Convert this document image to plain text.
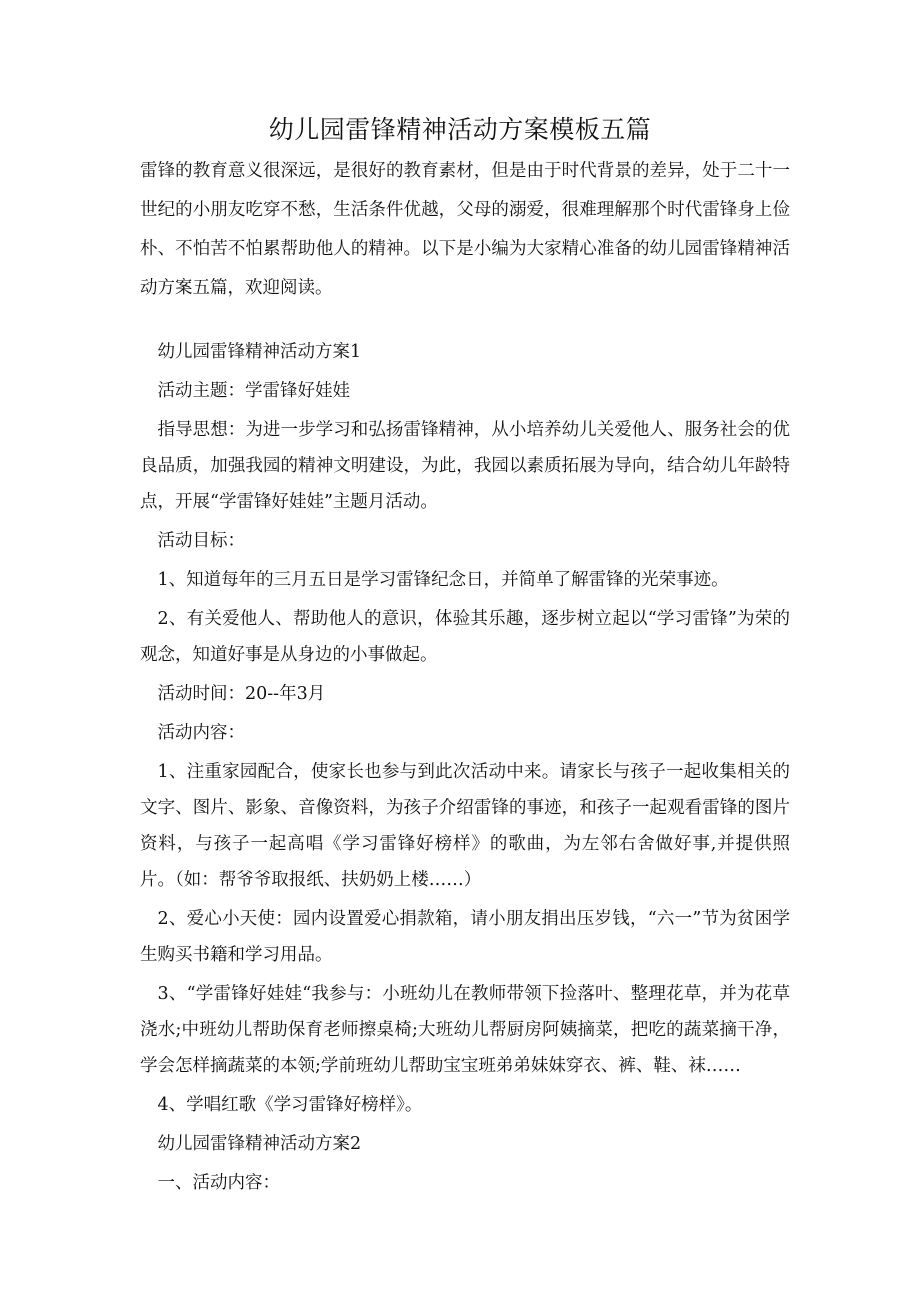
幼儿园雷锋精神活动方案模板五篇

雷锋的教育意义很深远，是很好的教育素材，但是由于时代背景的差异，处于二十一世纪的小朋友吃穿不愁，生活条件优越，父母的溺爱，很难理解那个时代雷锋身上俭朴、不怕苦不怕累帮助他人的精神。以下是小编为大家精心准备的幼儿园雷锋精神活动方案五篇，欢迎阅读。

幼儿园雷锋精神活动方案1

活动主题：学雷锋好娃娃

指导思想：为进一步学习和弘扬雷锋精神，从小培养幼儿关爱他人、服务社会的优良品质，加强我园的精神文明建设，为此，我园以素质拓展为导向，结合幼儿年龄特点，开展“学雷锋好娃娃”主题月活动。

活动目标：

1、知道每年的三月五日是学习雷锋纪念日，并简单了解雷锋的光荣事迹。

2、有关爱他人、帮助他人的意识，体验其乐趣，逐步树立起以“学习雷锋”为荣的观念，知道好事是从身边的小事做起。

活动时间：20--年3月

活动内容：

1、注重家园配合，使家长也参与到此次活动中来。请家长与孩子一起收集相关的文字、图片、影象、音像资料，为孩子介绍雷锋的事迹，和孩子一起观看雷锋的图片资料，与孩子一起高唱《学习雷锋好榜样》的歌曲，为左邻右舍做好事,并提供照片。（如：帮爷爷取报纸、扶奶奶上楼……）

2、爱心小天使：园内设置爱心捐款箱，请小朋友捐出压岁钱，“六一”节为贫困学生购买书籍和学习用品。

3、“学雷锋好娃娃“我参与：小班幼儿在教师带领下捡落叶、整理花草，并为花草浇水;中班幼儿帮助保育老师擦桌椅;大班幼儿帮厨房阿姨摘菜，把吃的蔬菜摘干净，学会怎样摘蔬菜的本领;学前班幼儿帮助宝宝班弟弟妹妹穿衣、裤、鞋、袜……

4、学唱红歌《学习雷锋好榜样》。

幼儿园雷锋精神活动方案2

一、活动内容：
